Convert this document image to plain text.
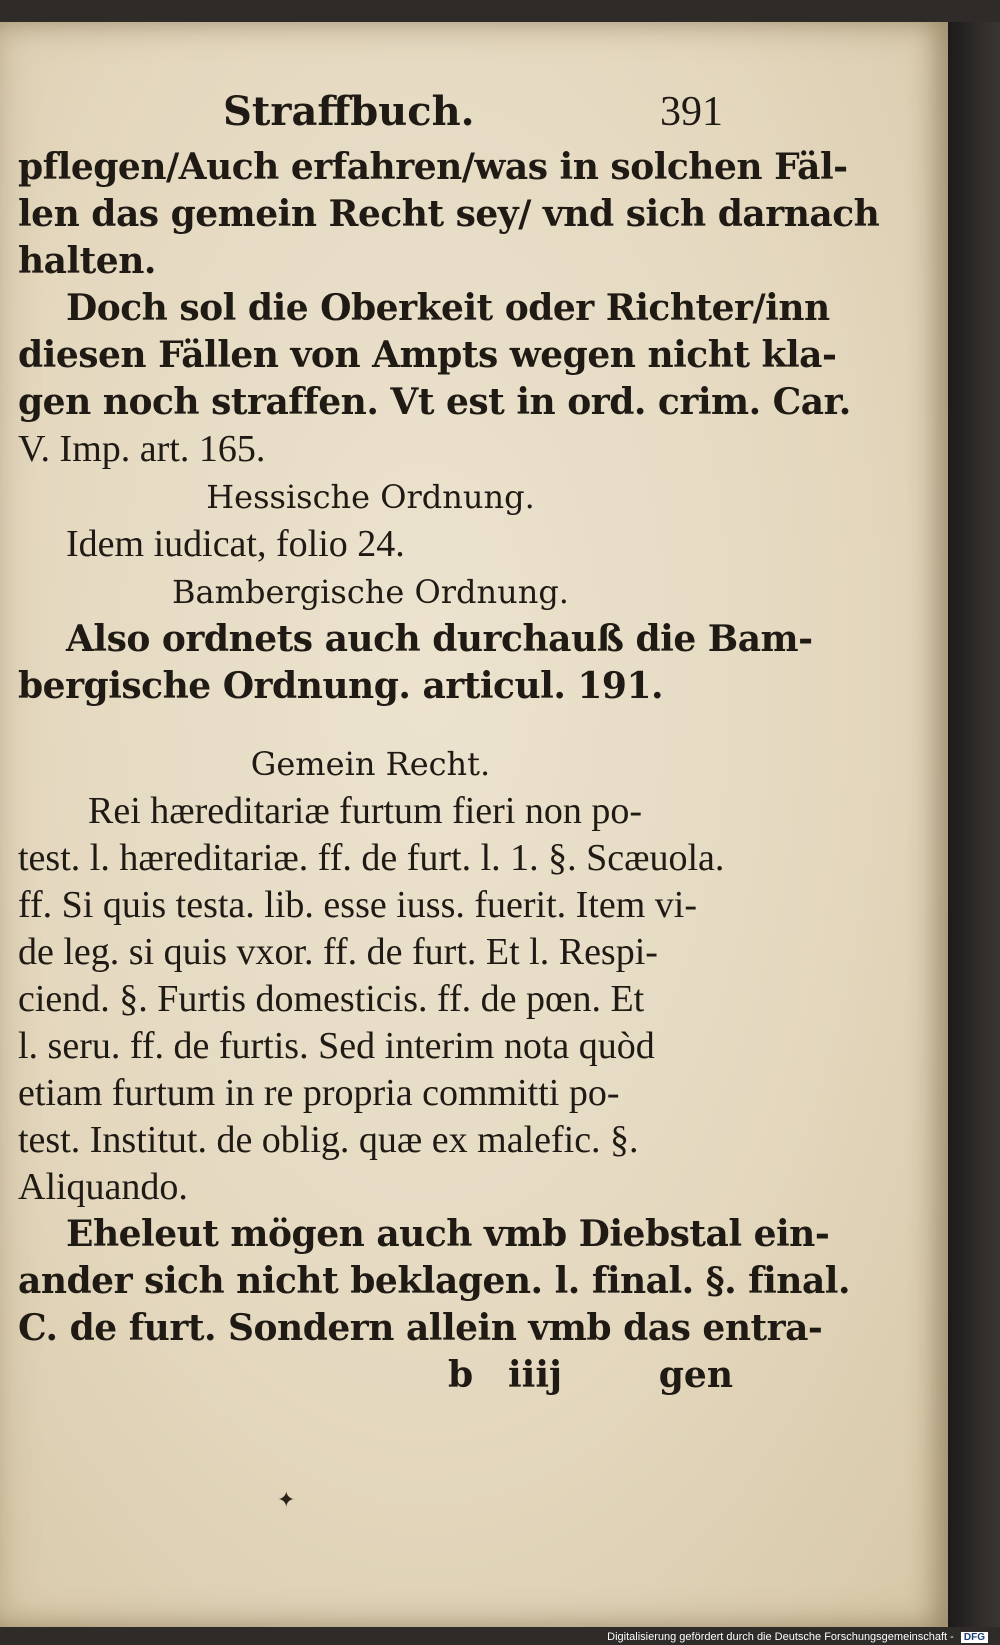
Straffbuch.	391
pflegen/Auch erfahren/was in solchen Fäl‑
len das gemein Recht sey/ vnd sich darnach
halten.
Doch sol die Oberkeit oder Richter/inn
diesen Fällen von Ampts wegen nicht kla‑
gen noch straffen. Vt est in ord. crim. Car.
V. Imp. art. 165.
Hessische Ordnung.
Idem iudicat, folio 24.
Bambergische Ordnung.
Also ordnets auch durchauß die Bam‑
bergische Ordnung. articul. 191.
Gemein Recht.
Rei hæreditariæ furtum fieri non po‑
test. l. hæreditariæ. ff. de furt. l. 1. §. Scæuola.
ff. Si quis testa. lib. esse iuss. fuerit. Item vi‑
de leg. si quis vxor. ff. de furt. Et l. Respi‑
ciend. §. Furtis domesticis. ff. de pœn. Et
l. seru. ff. de furtis. Sed interim nota quòd
etiam furtum in re propria committi po‑
test. Institut. de oblig. quæ ex malefic. §.
Aliquando.
Eheleut mögen auch vmb Diebstal ein‑
ander sich nicht beklagen. l. final. §. final.
C. de furt. Sondern allein vmb das entra‑
b iiij	gen
✦
Digitalisierung gefördert durch die Deutsche Forschungsgemeinschaft - DFG
